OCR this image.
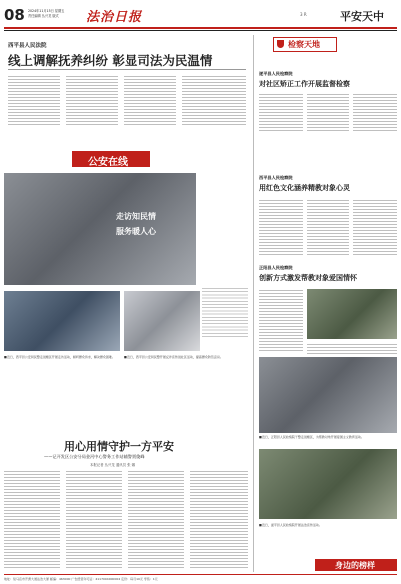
08 2024年11月15日 星期五
责任编辑 丛兴龙 版式 法治日报	3 R	平安天中
西平县人民法院
线上调解抚养纠纷 彰显司法为民温情
公安在线
走访知民情
服务暖人心
■近日，西平县公安局民警走进辖区开展走访活动，倾听群众诉求，解决群众困难。	■近日，西平县公安局民警开展反诈宣传进社区活动，提高群众防范意识。
用心用情守护一方平安
——记开发区公安分局金河中心警务工作站辅警贾俊峰
本报记者 丛兴龙 通讯员 张 娜
检察天地
遂平县人民检察院
对社区矫正工作开展监督检察
西平县人民检察院
用红色文化涵养精教对象心灵
正阳县人民检察院
创新方式激发帮教对象爱国情怀
■近日，正阳县人民检察院干警走进辖区，为帮教对象开展爱国主义教育活动。
■近日，遂平县人民检察院开展法治宣传活动。
身边的榜样
地址：驻马店市开源大道法治大厦 邮编：463000 广告经营许可证：4117004000004 定价：每月10元 零售：1元
